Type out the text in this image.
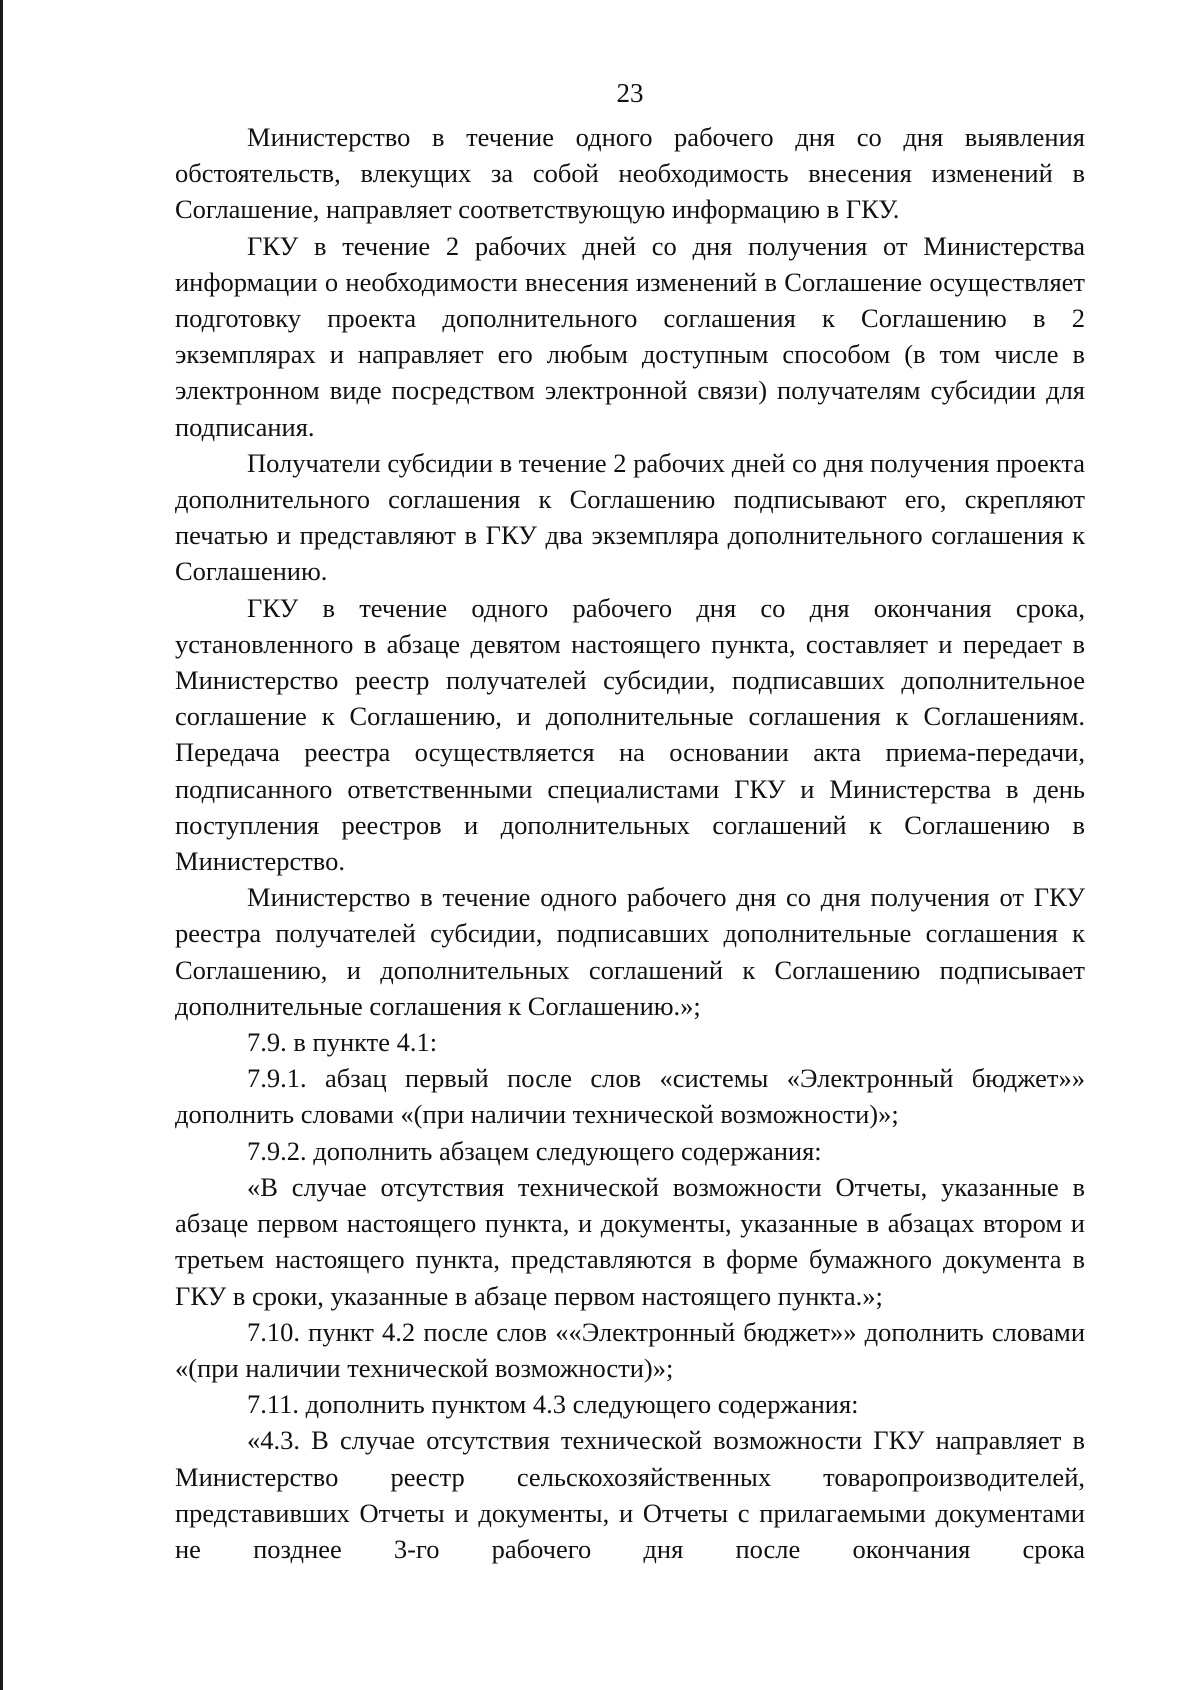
23

Министерство в течение одного рабочего дня со дня выявления обстоятельств, влекущих за собой необходимость внесения изменений в Соглашение, направляет соответствующую информацию в ГКУ.

ГКУ в течение 2 рабочих дней со дня получения от Министерства информации о необходимости внесения изменений в Соглашение осуществляет подготовку проекта дополнительного соглашения к Соглашению в 2 экземплярах и направляет его любым доступным способом (в том числе в электронном виде посредством электронной связи) получателям субсидии для подписания.

Получатели субсидии в течение 2 рабочих дней со дня получения проекта дополнительного соглашения к Соглашению подписывают его, скрепляют печатью и представляют в ГКУ два экземпляра дополнительного соглашения к Соглашению.

ГКУ в течение одного рабочего дня со дня окончания срока, установленного в абзаце девятом настоящего пункта, составляет и передает в Министерство реестр получателей субсидии, подписавших дополнительное соглашение к Соглашению, и дополнительные соглашения к Соглашениям. Передача реестра осуществляется на основании акта приема-передачи, подписанного ответственными специалистами ГКУ и Министерства в день поступления реестров и дополнительных соглашений к Соглашению в Министерство.

Министерство в течение одного рабочего дня со дня получения от ГКУ реестра получателей субсидии, подписавших дополнительные соглашения к Соглашению, и дополнительных соглашений к Соглашению подписывает дополнительные соглашения к Соглашению.»;

7.9. в пункте 4.1:

7.9.1. абзац первый после слов «системы «Электронный бюджет»» дополнить словами «(при наличии технической возможности)»;

7.9.2. дополнить абзацем следующего содержания:

«В случае отсутствия технической возможности Отчеты, указанные в абзаце первом настоящего пункта, и документы, указанные в абзацах втором и третьем настоящего пункта, представляются в форме бумажного документа в ГКУ в сроки, указанные в абзаце первом настоящего пункта.»;

7.10. пункт 4.2 после слов ««Электронный бюджет»» дополнить словами «(при наличии технической возможности)»;

7.11. дополнить пунктом 4.3 следующего содержания:

«4.3. В случае отсутствия технической возможности ГКУ направляет в Министерство реестр сельскохозяйственных товаропроизводителей, представивших Отчеты и документы, и Отчеты с прилагаемыми документами не позднее 3-го рабочего дня после окончания срока
